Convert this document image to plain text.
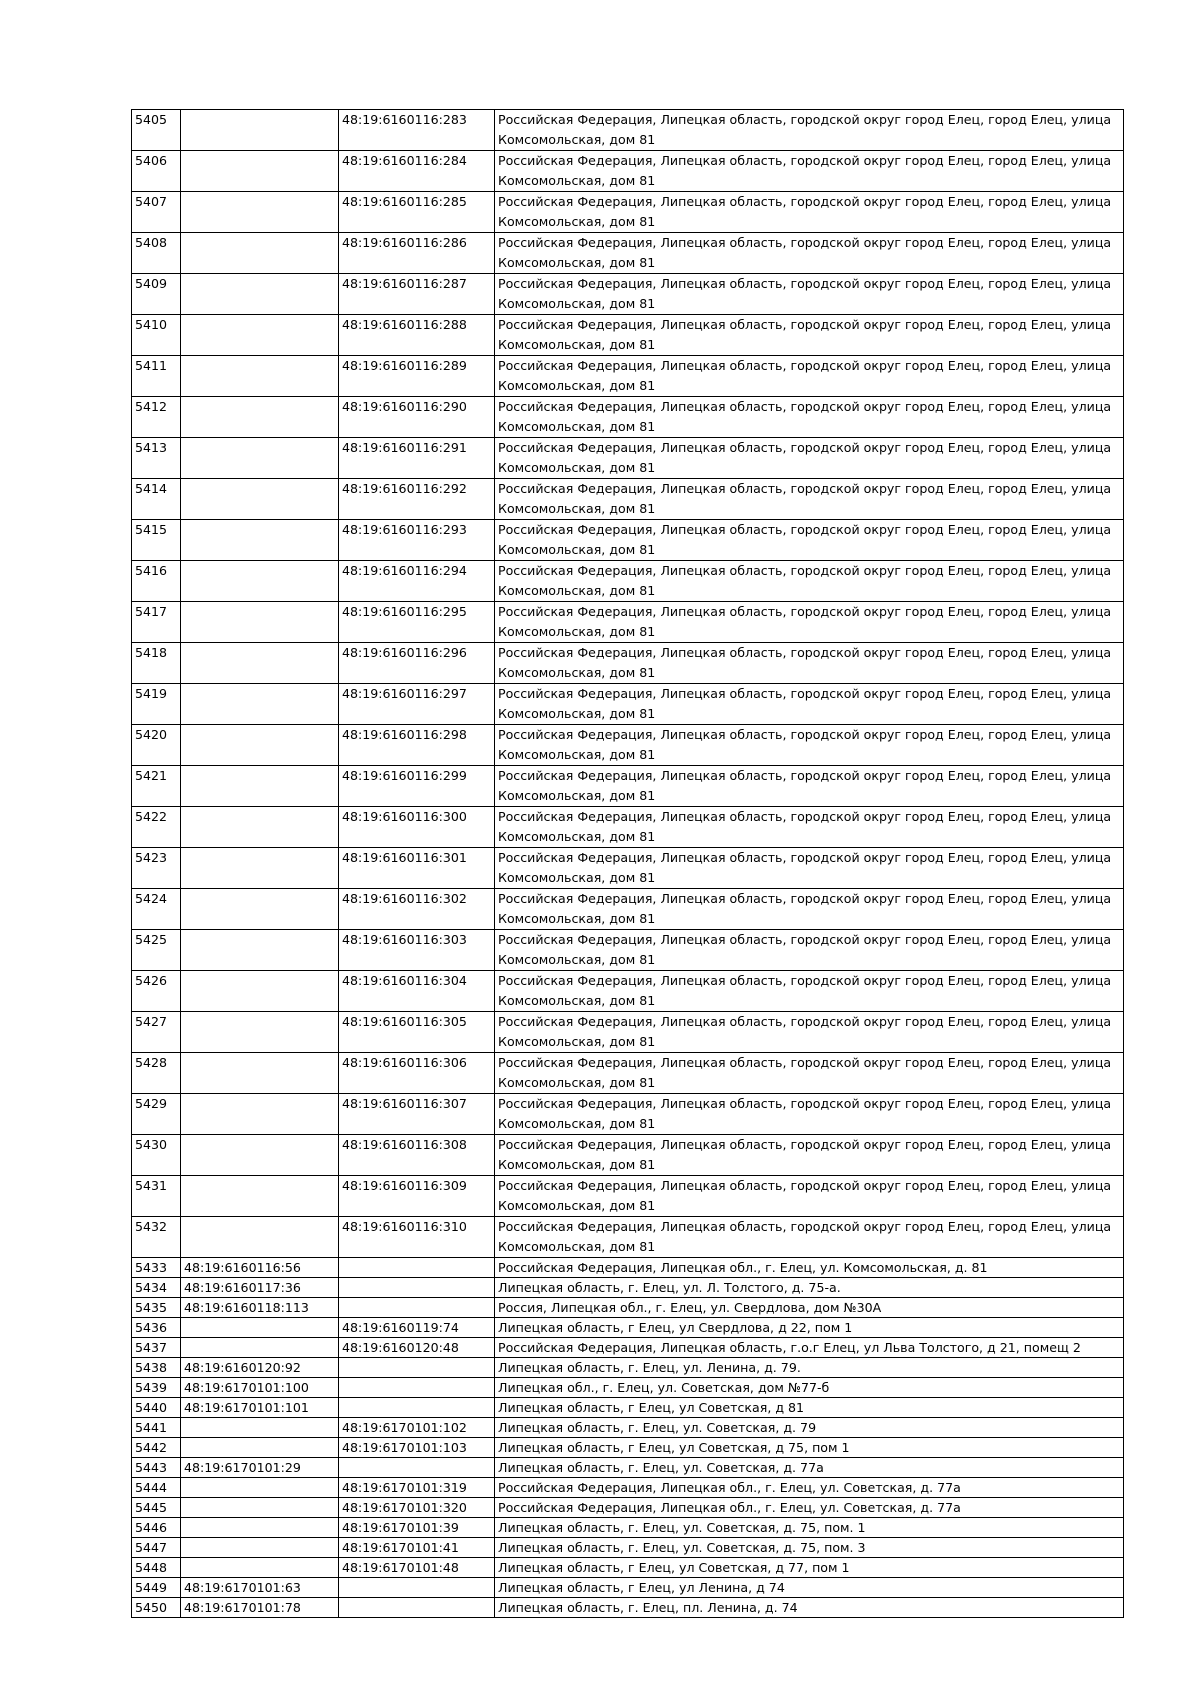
5405		48:19:6160116:283	Российская Федерация, Липецкая область, городской округ город Елец, город Елец, улица Комсомольская, дом 81
5406		48:19:6160116:284	Российская Федерация, Липецкая область, городской округ город Елец, город Елец, улица Комсомольская, дом 81
5407		48:19:6160116:285	Российская Федерация, Липецкая область, городской округ город Елец, город Елец, улица Комсомольская, дом 81
5408		48:19:6160116:286	Российская Федерация, Липецкая область, городской округ город Елец, город Елец, улица Комсомольская, дом 81
5409		48:19:6160116:287	Российская Федерация, Липецкая область, городской округ город Елец, город Елец, улица Комсомольская, дом 81
5410		48:19:6160116:288	Российская Федерация, Липецкая область, городской округ город Елец, город Елец, улица Комсомольская, дом 81
5411		48:19:6160116:289	Российская Федерация, Липецкая область, городской округ город Елец, город Елец, улица Комсомольская, дом 81
5412		48:19:6160116:290	Российская Федерация, Липецкая область, городской округ город Елец, город Елец, улица Комсомольская, дом 81
5413		48:19:6160116:291	Российская Федерация, Липецкая область, городской округ город Елец, город Елец, улица Комсомольская, дом 81
5414		48:19:6160116:292	Российская Федерация, Липецкая область, городской округ город Елец, город Елец, улица Комсомольская, дом 81
5415		48:19:6160116:293	Российская Федерация, Липецкая область, городской округ город Елец, город Елец, улица Комсомольская, дом 81
5416		48:19:6160116:294	Российская Федерация, Липецкая область, городской округ город Елец, город Елец, улица Комсомольская, дом 81
5417		48:19:6160116:295	Российская Федерация, Липецкая область, городской округ город Елец, город Елец, улица Комсомольская, дом 81
5418		48:19:6160116:296	Российская Федерация, Липецкая область, городской округ город Елец, город Елец, улица Комсомольская, дом 81
5419		48:19:6160116:297	Российская Федерация, Липецкая область, городской округ город Елец, город Елец, улица Комсомольская, дом 81
5420		48:19:6160116:298	Российская Федерация, Липецкая область, городской округ город Елец, город Елец, улица Комсомольская, дом 81
5421		48:19:6160116:299	Российская Федерация, Липецкая область, городской округ город Елец, город Елец, улица Комсомольская, дом 81
5422		48:19:6160116:300	Российская Федерация, Липецкая область, городской округ город Елец, город Елец, улица Комсомольская, дом 81
5423		48:19:6160116:301	Российская Федерация, Липецкая область, городской округ город Елец, город Елец, улица Комсомольская, дом 81
5424		48:19:6160116:302	Российская Федерация, Липецкая область, городской округ город Елец, город Елец, улица Комсомольская, дом 81
5425		48:19:6160116:303	Российская Федерация, Липецкая область, городской округ город Елец, город Елец, улица Комсомольская, дом 81
5426		48:19:6160116:304	Российская Федерация, Липецкая область, городской округ город Елец, город Елец, улица Комсомольская, дом 81
5427		48:19:6160116:305	Российская Федерация, Липецкая область, городской округ город Елец, город Елец, улица Комсомольская, дом 81
5428		48:19:6160116:306	Российская Федерация, Липецкая область, городской округ город Елец, город Елец, улица Комсомольская, дом 81
5429		48:19:6160116:307	Российская Федерация, Липецкая область, городской округ город Елец, город Елец, улица Комсомольская, дом 81
5430		48:19:6160116:308	Российская Федерация, Липецкая область, городской округ город Елец, город Елец, улица Комсомольская, дом 81
5431		48:19:6160116:309	Российская Федерация, Липецкая область, городской округ город Елец, город Елец, улица Комсомольская, дом 81
5432		48:19:6160116:310	Российская Федерация, Липецкая область, городской округ город Елец, город Елец, улица Комсомольская, дом 81
5433	48:19:6160116:56		Российская Федерация, Липецкая обл., г. Елец, ул. Комсомольская, д. 81
5434	48:19:6160117:36		Липецкая область, г. Елец, ул. Л. Толстого, д. 75-а.
5435	48:19:6160118:113		Россия, Липецкая обл., г. Елец, ул. Свердлова, дом №30А
5436		48:19:6160119:74	Липецкая область, г Елец, ул Свердлова, д 22, пом 1
5437		48:19:6160120:48	Российская Федерация, Липецкая область, г.о.г Елец, ул Льва Толстого, д 21, помещ 2
5438	48:19:6160120:92		Липецкая область, г. Елец, ул. Ленина, д. 79.
5439	48:19:6170101:100		Липецкая обл., г. Елец, ул. Советская, дом №77-б
5440	48:19:6170101:101		Липецкая область, г Елец, ул Советская, д 81
5441		48:19:6170101:102	Липецкая область, г. Елец, ул. Советская, д. 79
5442		48:19:6170101:103	Липецкая область, г Елец, ул Советская, д 75, пом 1
5443	48:19:6170101:29		Липецкая область, г. Елец, ул. Советская, д. 77а
5444		48:19:6170101:319	Российская Федерация, Липецкая обл., г. Елец, ул. Советская, д. 77а
5445		48:19:6170101:320	Российская Федерация, Липецкая обл., г. Елец, ул. Советская, д. 77а
5446		48:19:6170101:39	Липецкая область, г. Елец, ул. Советская, д. 75, пом. 1
5447		48:19:6170101:41	Липецкая область, г. Елец, ул. Советская, д. 75, пом. 3
5448		48:19:6170101:48	Липецкая область, г Елец, ул Советская, д 77, пом 1
5449	48:19:6170101:63		Липецкая область, г Елец, ул Ленина, д 74
5450	48:19:6170101:78		Липецкая область, г. Елец, пл. Ленина, д. 74
